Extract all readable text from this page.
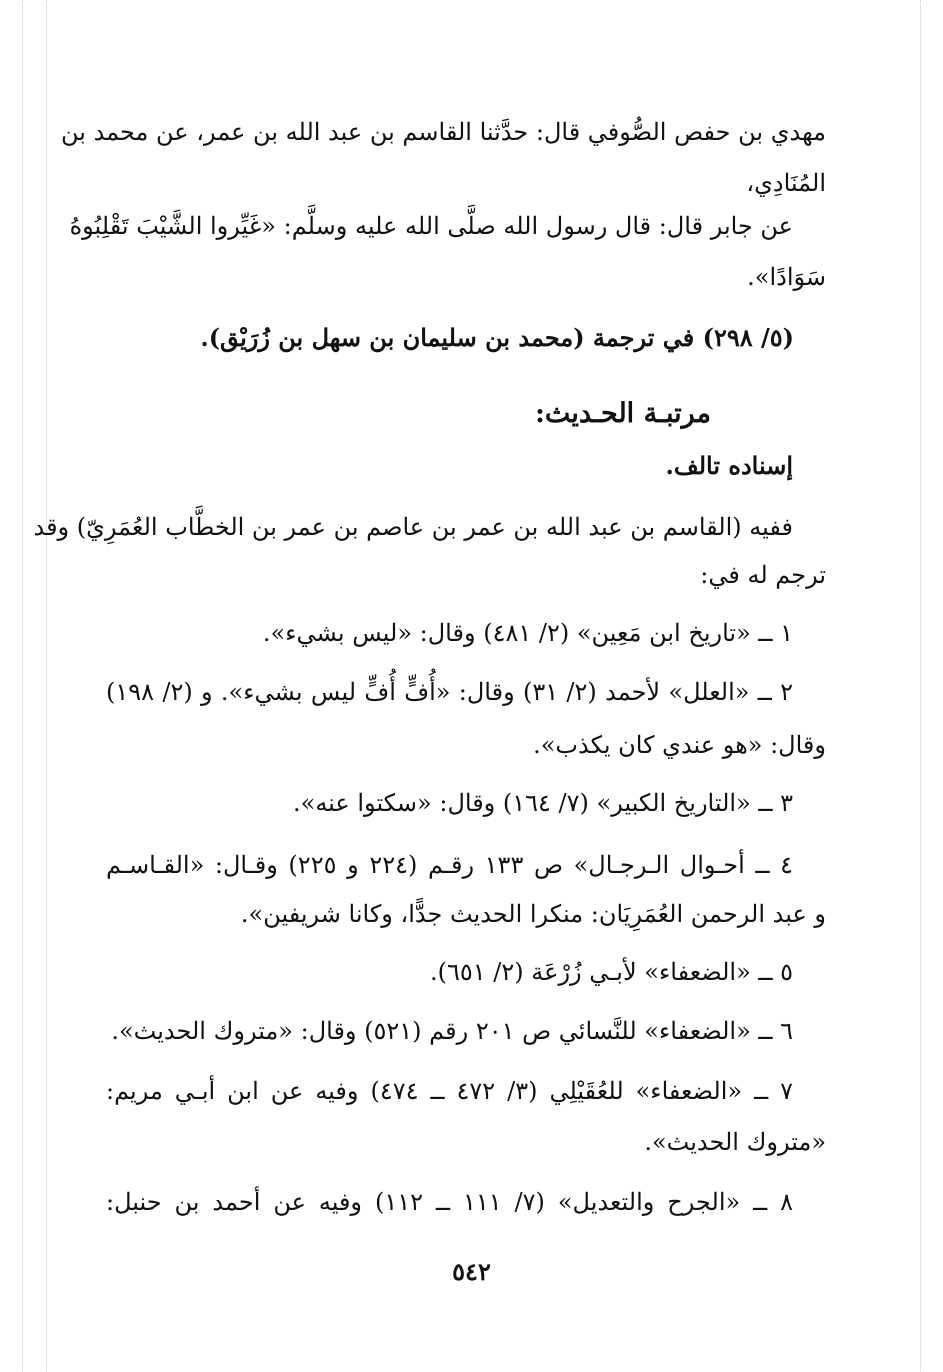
مهدي بن حفص الصُّوفي قال: حدَّثنا القاسم بن عبد الله بن عمر، عن محمد بن
المُنَادِي،
عن جابر قال: قال رسول الله صلَّى الله عليه وسلَّم: «غَيِّروا الشَّيْبَ تَقْلِبُوهُ
سَوَادًا».
(٥/ ٢٩٨) في ترجمة (محمد بن سليمان بن سهل بن زُرَيْق).
مرتبـة الحـديث:
إسناده تالف.
ففيه (القاسم بن عبد الله بن عمر بن عاصم بن عمر بن الخطَّاب العُمَرِيّ) وقد
ترجم له في:
١ ــ «تاريخ ابن مَعِين» (٢/ ٤٨١) وقال: «ليس بشيء».
٢ ــ «العلل» لأحمد (٢/ ٣١) وقال: «أُفٍّ أُفٍّ ليس بشيء». و (٢/ ١٩٨)
وقال: «هو عندي كان يكذب».
٣ ــ «التاريخ الكبير» (٧/ ١٦٤) وقال: «سكتوا عنه».
٤ ــ أحـوال الـرجـال» ص ١٣٣ رقـم (٢٢٤ و ٢٢٥) وقـال: «القـاسـم
و عبد الرحمن العُمَرِيَان: منكرا الحديث جدًّا، وكانا شريفين».
٥ ــ «الضعفاء» لأبـي زُرْعَة (٢/ ٦٥١).
٦ ــ «الضعفاء» للنَّسائي ص ٢٠١ رقم (٥٢١) وقال: «متروك الحديث».
٧ ــ «الضعفاء» للعُقَيْلِي (٣/ ٤٧٢ ــ ٤٧٤) وفيه عن ابن أبـي مريم:
«متروك الحديث».
٨ ــ «الجرح والتعديل» (٧/ ١١١ ــ ١١٢) وفيه عن أحمد بن حنبل:
٥٤٢
